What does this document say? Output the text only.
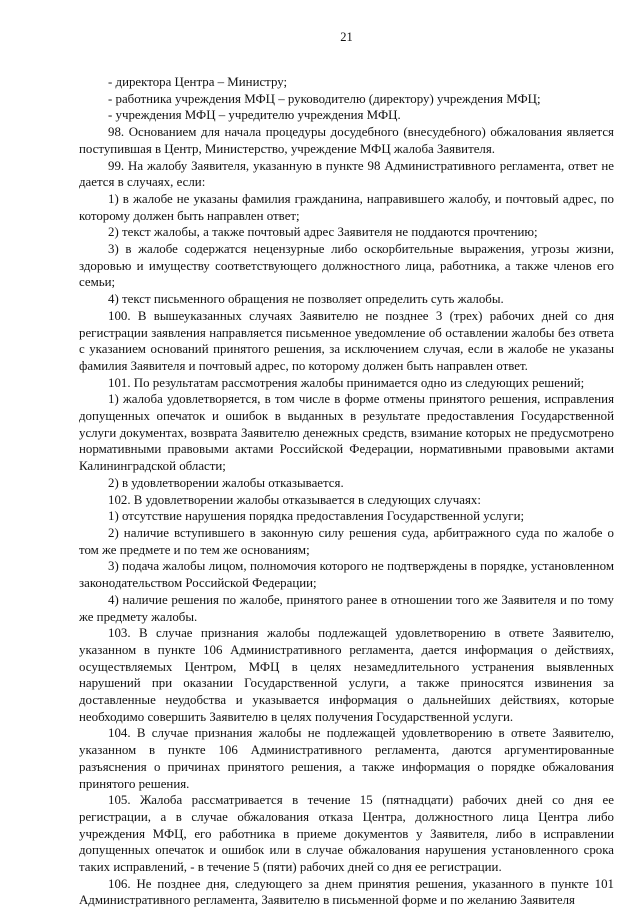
21

- директора Центра – Министру;

- работника учреждения МФЦ – руководителю (директору) учреждения МФЦ;

- учреждения МФЦ – учредителю учреждения МФЦ.

98. Основанием для начала процедуры досудебного (внесудебного) обжалования является поступившая в Центр, Министерство, учреждение МФЦ жалоба Заявителя.

99. На жалобу Заявителя, указанную в пункте 98 Административного регламента, ответ не дается в случаях, если:

1) в жалобе не указаны фамилия гражданина, направившего жалобу, и почтовый адрес, по которому должен быть направлен ответ;

2) текст жалобы, а также почтовый адрес Заявителя не поддаются прочтению;

3) в жалобе содержатся нецензурные либо оскорбительные выражения, угрозы жизни, здоровью и имуществу соответствующего должностного лица, работника, а также членов его семьи;

4) текст письменного обращения не позволяет определить суть жалобы.

100. В вышеуказанных случаях Заявителю не позднее 3 (трех) рабочих дней со дня регистрации заявления направляется письменное уведомление об оставлении жалобы без ответа с указанием оснований принятого решения, за исключением случая, если в жалобе не указаны фамилия Заявителя и почтовый адрес, по которому должен быть направлен ответ.

101. По результатам рассмотрения жалобы принимается одно из следующих решений;

1) жалоба удовлетворяется, в том числе в форме отмены принятого решения, исправления допущенных опечаток и ошибок в выданных в результате предоставления Государственной услуги документах, возврата Заявителю денежных средств, взимание которых не предусмотрено нормативными правовыми актами Российской Федерации, нормативными правовыми актами Калининградской области;

2) в удовлетворении жалобы отказывается.

102. В удовлетворении жалобы отказывается в следующих случаях:

1) отсутствие нарушения порядка предоставления Государственной услуги;

2) наличие вступившего в законную силу решения суда, арбитражного суда по жалобе о том же предмете и по тем же основаниям;

3) подача жалобы лицом, полномочия которого не подтверждены в порядке, установленном законодательством Российской Федерации;

4) наличие решения по жалобе, принятого ранее в отношении того же Заявителя и по тому же предмету жалобы.

103. В случае признания жалобы подлежащей удовлетворению в ответе Заявителю, указанном в пункте 106 Административного регламента, дается информация о действиях, осуществляемых Центром, МФЦ в целях незамедлительного устранения выявленных нарушений при оказании Государственной услуги, а также приносятся извинения за доставленные неудобства и указывается информация о дальнейших действиях, которые необходимо совершить Заявителю в целях получения Государственной услуги.

104. В случае признания жалобы не подлежащей удовлетворению в ответе Заявителю, указанном в пункте 106 Административного регламента, даются аргументированные разъяснения о причинах принятого решения, а также информация о порядке обжалования принятого решения.

105. Жалоба рассматривается в течение 15 (пятнадцати) рабочих дней со дня ее регистрации, а в случае обжалования отказа Центра, должностного лица Центра либо учреждения МФЦ, его работника в приеме документов у Заявителя, либо в исправлении допущенных опечаток и ошибок или в случае обжалования нарушения установленного срока таких исправлений, - в течение 5 (пяти) рабочих дней со дня ее регистрации.

106. Не позднее дня, следующего за днем принятия решения, указанного в пункте 101 Административного регламента, Заявителю в письменной форме и по желанию Заявителя
